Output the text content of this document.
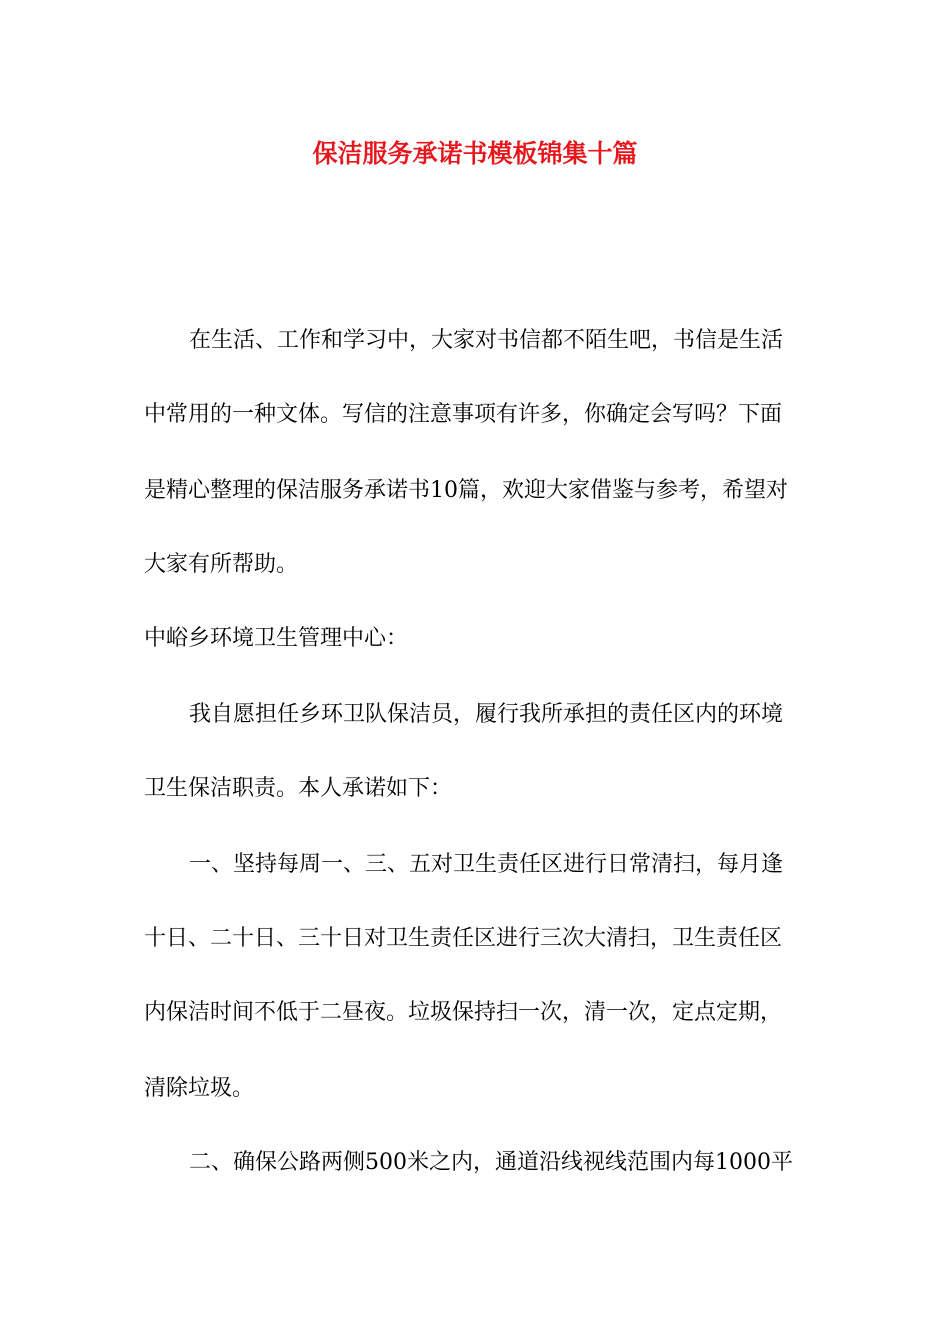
保洁服务承诺书模板锦集十篇
在生活、工作和学习中，大家对书信都不陌生吧，书信是生活
中常用的一种文体。写信的注意事项有许多，你确定会写吗？下面
是精心整理的保洁服务承诺书10篇，欢迎大家借鉴与参考，希望对
大家有所帮助。
中峪乡环境卫生管理中心：
我自愿担任乡环卫队保洁员，履行我所承担的责任区内的环境
卫生保洁职责。本人承诺如下：
一、坚持每周一、三、五对卫生责任区进行日常清扫，每月逢
十日、二十日、三十日对卫生责任区进行三次大清扫，卫生责任区
内保洁时间不低于二昼夜。垃圾保持扫一次，清一次，定点定期，
清除垃圾。
二、确保公路两侧500米之内，通道沿线视线范围内每1000平
